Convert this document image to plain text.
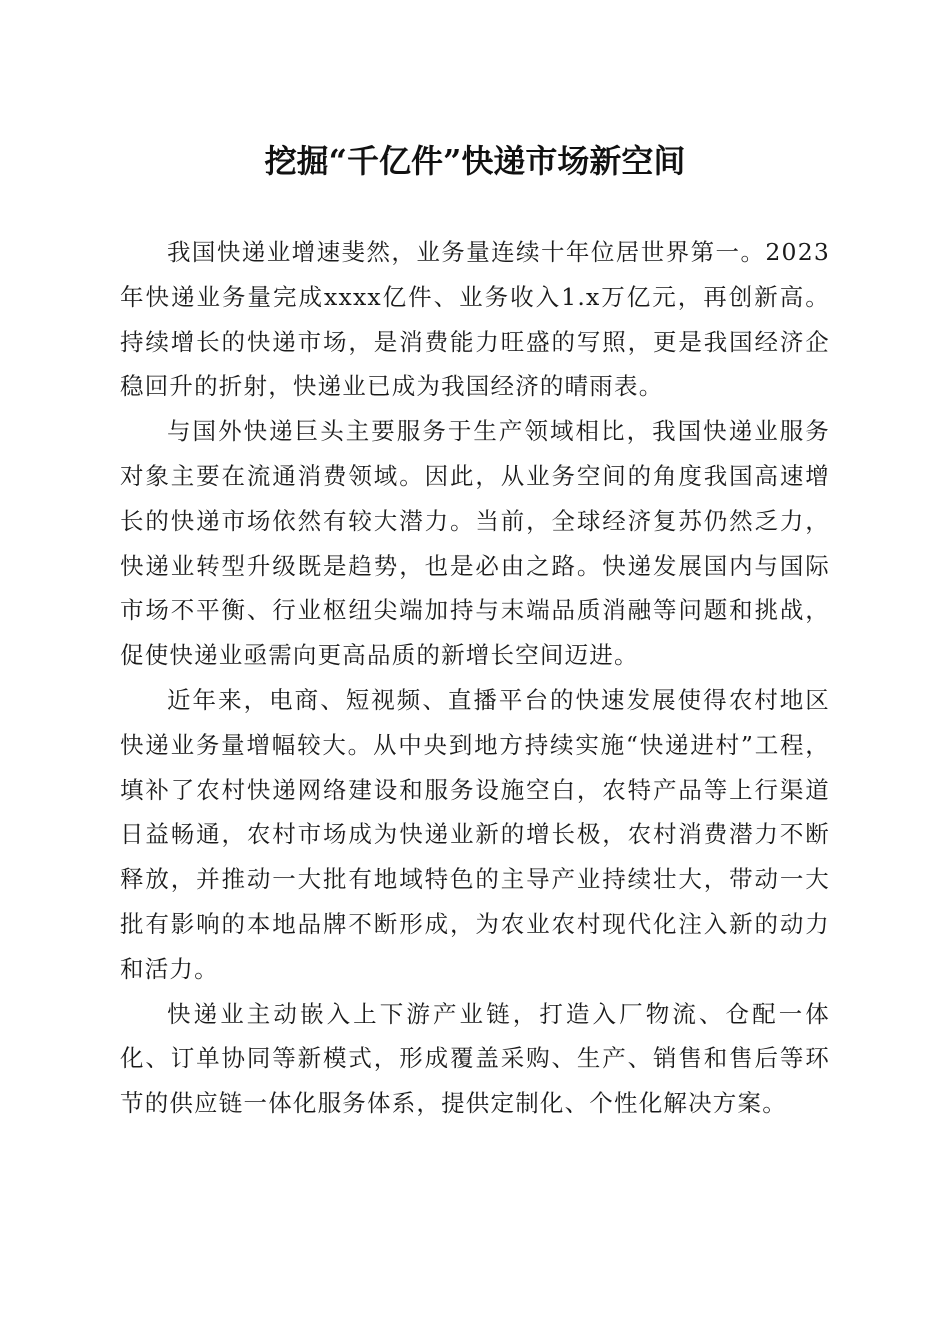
挖掘“千亿件”快递市场新空间

我国快递业增速斐然，业务量连续十年位居世界第一。2023年快递业务量完成xxxx亿件、业务收入1.x万亿元，再创新高。持续增长的快递市场，是消费能力旺盛的写照，更是我国经济企稳回升的折射，快递业已成为我国经济的晴雨表。

与国外快递巨头主要服务于生产领域相比，我国快递业服务对象主要在流通消费领域。因此，从业务空间的角度我国高速增长的快递市场依然有较大潜力。当前，全球经济复苏仍然乏力，快递业转型升级既是趋势，也是必由之路。快递发展国内与国际市场不平衡、行业枢纽尖端加持与末端品质消融等问题和挑战，促使快递业亟需向更高品质的新增长空间迈进。

近年来，电商、短视频、直播平台的快速发展使得农村地区快递业务量增幅较大。从中央到地方持续实施“快递进村”工程，填补了农村快递网络建设和服务设施空白，农特产品等上行渠道日益畅通，农村市场成为快递业新的增长极，农村消费潜力不断释放，并推动一大批有地域特色的主导产业持续壮大，带动一大批有影响的本地品牌不断形成，为农业农村现代化注入新的动力和活力。

快递业主动嵌入上下游产业链，打造入厂物流、仓配一体化、订单协同等新模式，形成覆盖采购、生产、销售和售后等环节的供应链一体化服务体系，提供定制化、个性化解决方案。
